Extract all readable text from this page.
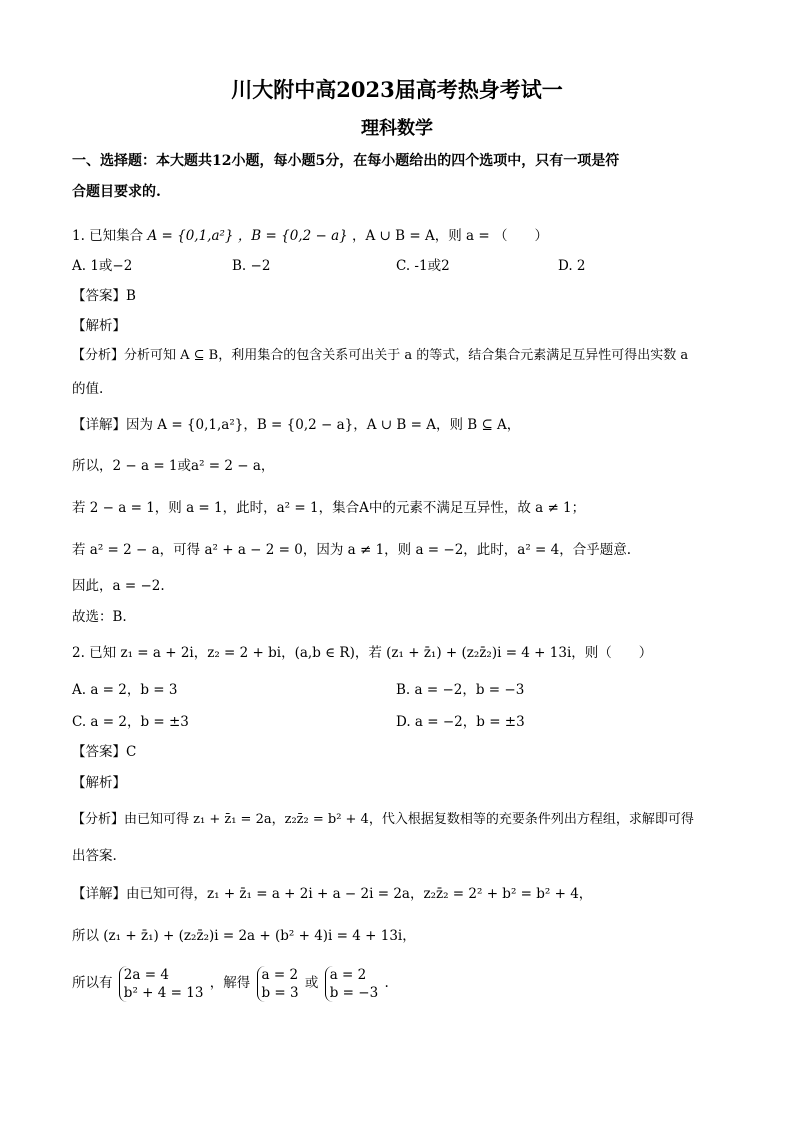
川大附中高2023届高考热身考试一
理科数学
一、选择题：本大题共12小题，每小题5分，在每小题给出的四个选项中，只有一项是符
合题目要求的.
1. 已知集合 A = {0,1,a²} ，B = {0,2 − a} ，A ∪ B = A，则 a = （　　）
A. 1或−2	B. −2	C. -1或2	D. 2
【答案】B
【解析】
【分析】分析可知 A ⊆ B，利用集合的包含关系可出关于 a 的等式，结合集合元素满足互异性可得出实数 a
的值.
【详解】因为 A = {0,1,a²}，B = {0,2 − a}，A ∪ B = A，则 B ⊆ A，
所以，2 − a = 1或a² = 2 − a，
若 2 − a = 1，则 a = 1，此时，a² = 1，集合A中的元素不满足互异性，故 a ≠ 1；
若 a² = 2 − a，可得 a² + a − 2 = 0，因为 a ≠ 1，则 a = −2，此时，a² = 4，合乎题意.
因此，a = −2.
故选：B.
2. 已知 z₁ = a + 2i，z₂ = 2 + bi，(a,b ∈ R)，若 (z₁ + z̄₁) + (z₂z̄₂)i = 4 + 13i，则（　　）
A. a = 2，b = 3	B. a = −2，b = −3
C. a = 2，b = ±3	D. a = −2，b = ±3
【答案】C
【解析】
【分析】由已知可得 z₁ + z̄₁ = 2a，z₂z̄₂ = b² + 4，代入根据复数相等的充要条件列出方程组，求解即可得
出答案.
【详解】由已知可得，z₁ + z̄₁ = a + 2i + a − 2i = 2a，z₂z̄₂ = 2² + b² = b² + 4，
所以 (z₁ + z̄₁) + (z₂z̄₂)i = 2a + (b² + 4)i = 4 + 13i，
所以有
2a = 4
b² + 4 = 13
，解得
a = 2
b = 3
或
a = 2
b = −3
.
